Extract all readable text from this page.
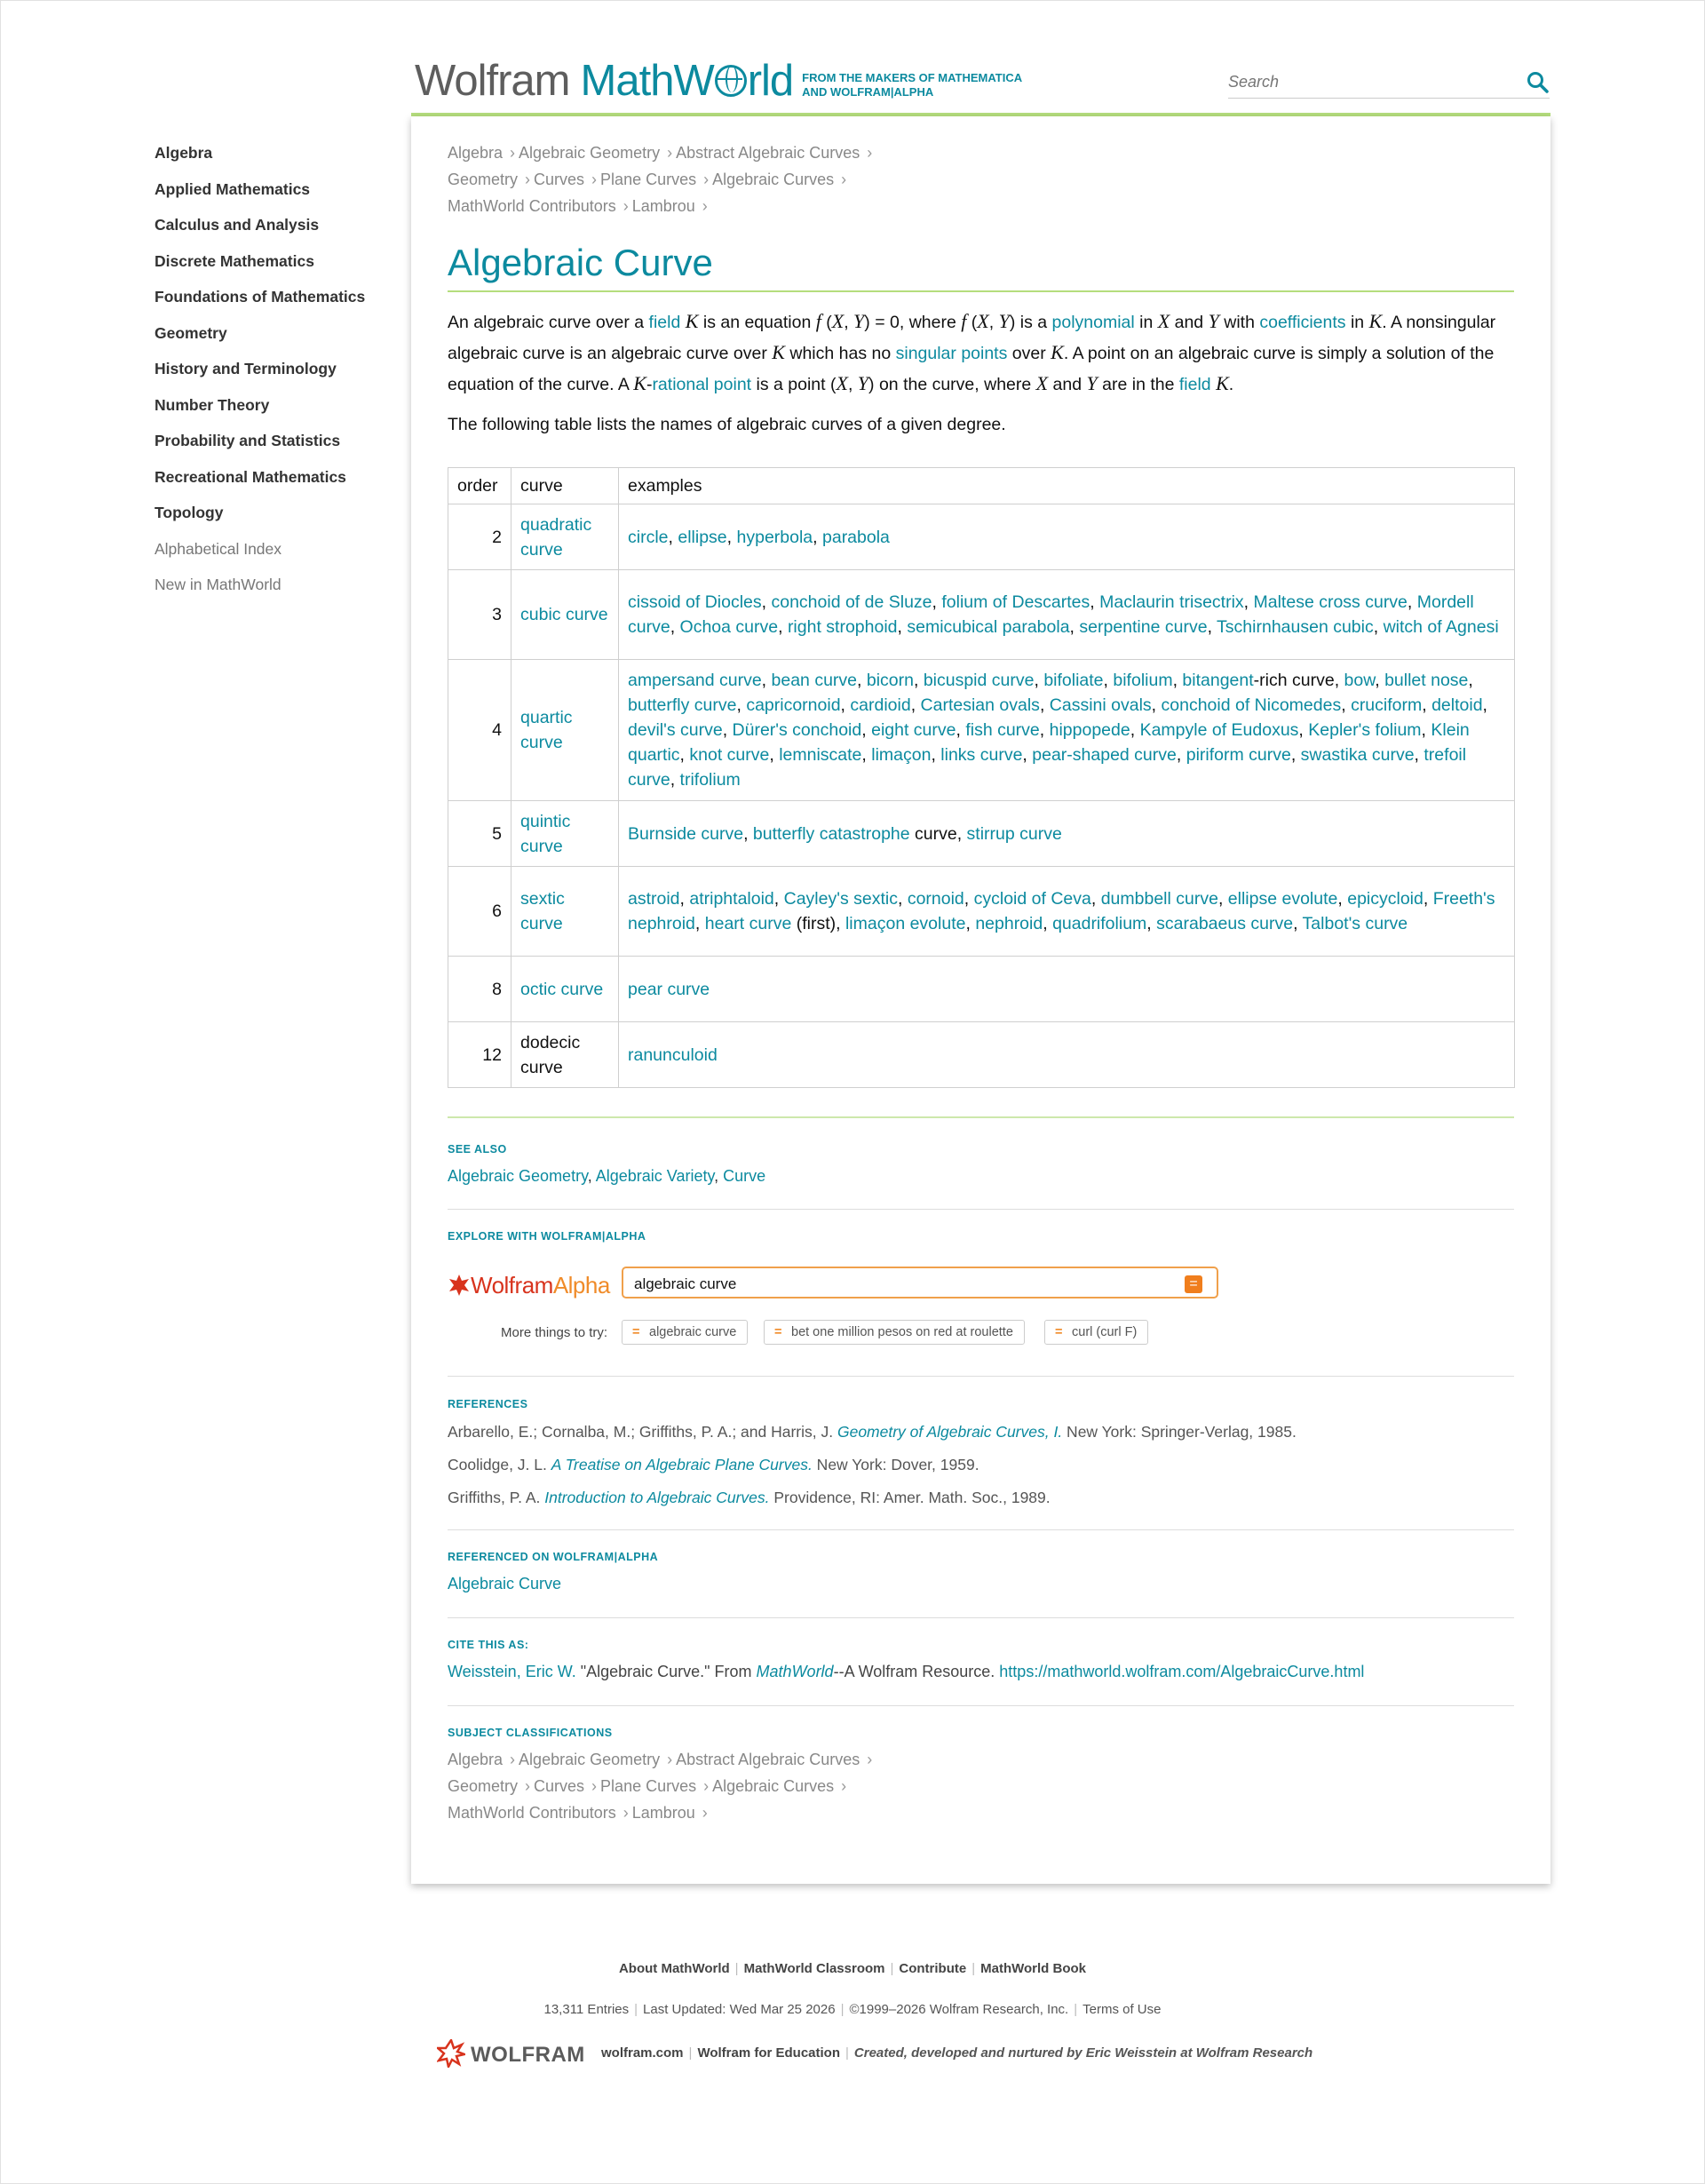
Wolfram MathW rld FROM THE MAKERS OF MATHEMATICA
AND WOLFRAM|ALPHA
Search
Algebra
Applied Mathematics
Calculus and Analysis
Discrete Mathematics
Foundations of Mathematics
Geometry
History and Terminology
Number Theory
Probability and Statistics
Recreational Mathematics
Topology
Alphabetical Index
New in MathWorld
Algebra › Algebraic Geometry › Abstract Algebraic Curves ›
Geometry › Curves › Plane Curves › Algebraic Curves ›
MathWorld Contributors › Lambrou ›
Algebraic Curve

An algebraic curve over a field K is an equation f (X, Y) = 0, where f (X, Y) is a polynomial in X and Y with coefficients in K. A nonsingular algebraic curve is an algebraic curve over K which has no singular points over K. A point on an algebraic curve is simply a solution of the equation of the curve. A K-rational point is a point (X, Y) on the curve, where X and Y are in the field K.

The following table lists the names of algebraic curves of a given degree.

order	curve	examples
2	quadratic curve	circle, ellipse, hyperbola, parabola
3	cubic curve	cissoid of Diocles, conchoid of de Sluze, folium of Descartes, Maclaurin trisectrix, Maltese cross curve, Mordell curve, Ochoa curve, right strophoid, semicubical parabola, serpentine curve, Tschirnhausen cubic, witch of Agnesi
4	quartic curve	ampersand curve, bean curve, bicorn, bicuspid curve, bifoliate, bifolium, bitangent-rich curve, bow, bullet nose, butterfly curve, capricornoid, cardioid, Cartesian ovals, Cassini ovals, conchoid of Nicomedes, cruciform, deltoid, devil's curve, Dürer's conchoid, eight curve, fish curve, hippopede, Kampyle of Eudoxus, Kepler's folium, Klein quartic, knot curve, lemniscate, limaçon, links curve, pear-shaped curve, piriform curve, swastika curve, trefoil curve, trifolium
5	quintic curve	Burnside curve, butterfly catastrophe curve, stirrup curve
6	sextic curve	astroid, atriphtaloid, Cayley's sextic, cornoid, cycloid of Ceva, dumbbell curve, ellipse evolute, epicycloid, Freeth's nephroid, heart curve (first), limaçon evolute, nephroid, quadrifolium, scarabaeus curve, Talbot's curve
8	octic curve	pear curve
12	dodecic curve	ranunculoid
SEE ALSO
Algebraic Geometry, Algebraic Variety, Curve
EXPLORE WITH WOLFRAM|ALPHA
WolframAlpha	algebraic curve	=
More things to try:	= algebraic curve	= bet one million pesos on red at roulette	= curl (curl F)
REFERENCES
Arbarello, E.; Cornalba, M.; Griffiths, P. A.; and Harris, J. Geometry of Algebraic Curves, I. New York: Springer-Verlag, 1985.
Coolidge, J. L. A Treatise on Algebraic Plane Curves. New York: Dover, 1959.
Griffiths, P. A. Introduction to Algebraic Curves. Providence, RI: Amer. Math. Soc., 1989.
REFERENCED ON WOLFRAM|ALPHA
Algebraic Curve
CITE THIS AS:
Weisstein, Eric W. "Algebraic Curve." From MathWorld--A Wolfram Resource. https://mathworld.wolfram.com/AlgebraicCurve.html
SUBJECT CLASSIFICATIONS
Algebra › Algebraic Geometry › Abstract Algebraic Curves ›
Geometry › Curves › Plane Curves › Algebraic Curves ›
MathWorld Contributors › Lambrou ›
About MathWorld | MathWorld Classroom | Contribute | MathWorld Book
13,311 Entries | Last Updated: Wed Mar 25 2026 | ©1999–2026 Wolfram Research, Inc. | Terms of Use
WOLFRAM wolfram.com | Wolfram for Education | Created, developed and nurtured by Eric Weisstein at Wolfram Research
